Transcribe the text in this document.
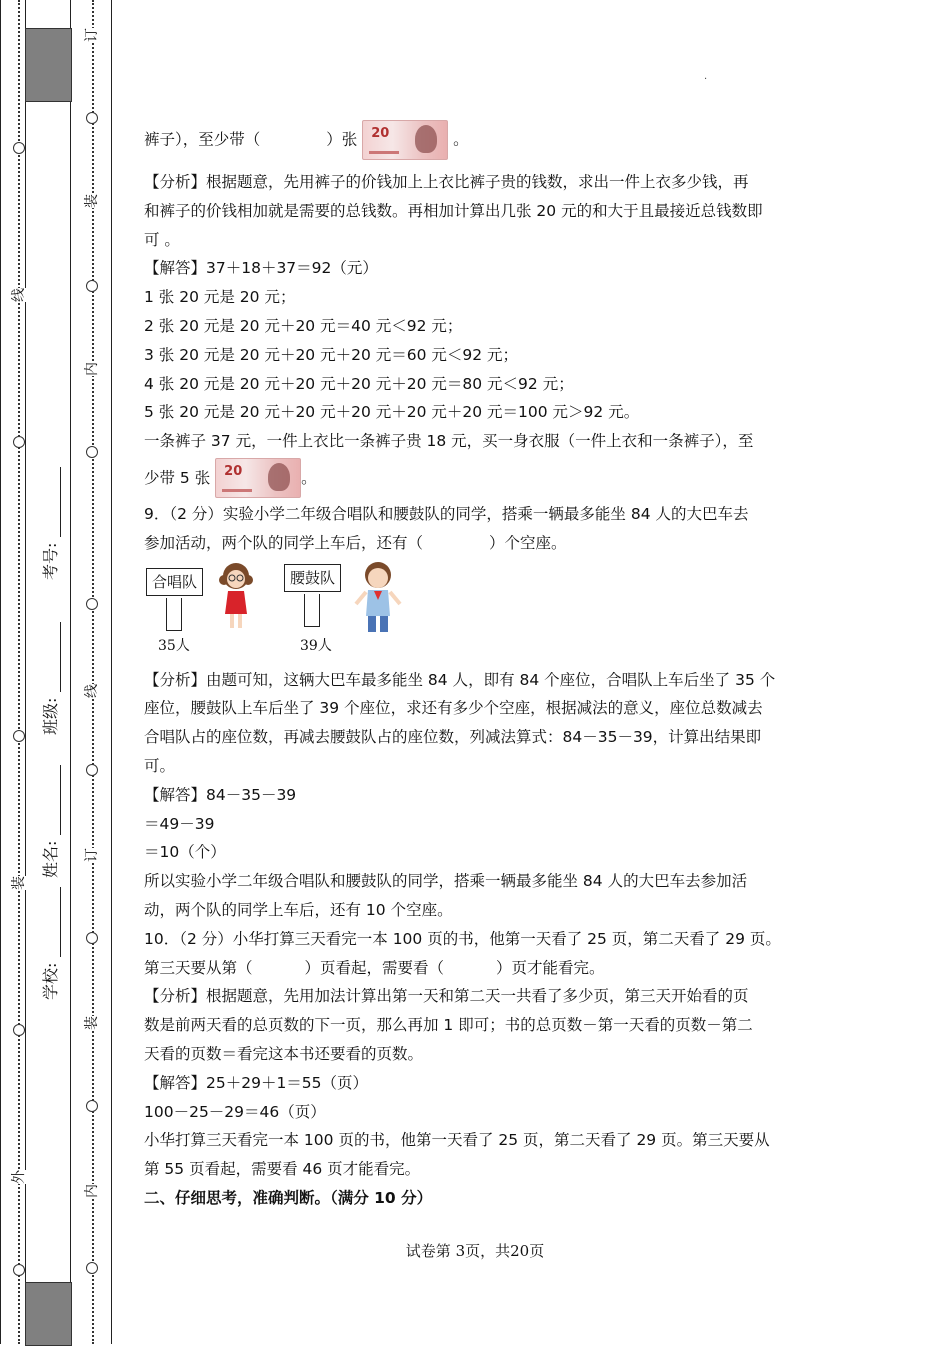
线
装
外
订
装
内
线
订
装
内
考号:
班级:
姓名:
学校:
·

裤子），至少带（	）张 20	。

【分析】根据题意，先用裤子的价钱加上上衣比裤子贵的钱数，求出一件上衣多少钱，再

和裤子的价钱相加就是需要的总钱数。再相加计算出几张 20 元的和大于且最接近总钱数即

可 。

【解答】37＋18＋37＝92（元）

1 张 20 元是 20 元；

2 张 20 元是 20 元＋20 元＝40 元＜92 元；

3 张 20 元是 20 元＋20 元＋20 元＝60 元＜92 元；

4 张 20 元是 20 元＋20 元＋20 元＋20 元＝80 元＜92 元；

5 张 20 元是 20 元＋20 元＋20 元＋20 元＋20 元＝100 元＞92 元。

一条裤子 37 元，一件上衣比一条裤子贵 18 元，买一身衣服（一件上衣和一条裤子），至

少带 5 张 20	。

9．（2 分）实验小学二年级合唱队和腰鼓队的同学，搭乘一辆最多能坐 84 人的大巴车去

参加活动，两个队的同学上车后，还有（	）个空座。

合唱队
35人
腰鼓队
39人

【分析】由题可知，这辆大巴车最多能坐 84 人，即有 84 个座位，合唱队上车后坐了 35 个

座位，腰鼓队上车后坐了 39 个座位，求还有多少个空座，根据减法的意义，座位总数减去

合唱队占的座位数，再减去腰鼓队占的座位数，列减法算式：84－35－39，计算出结果即

可。

【解答】84－35－39

＝49－39

＝10（个）

所以实验小学二年级合唱队和腰鼓队的同学，搭乘一辆最多能坐 84 人的大巴车去参加活

动，两个队的同学上车后，还有 10 个空座。

10．（2 分）小华打算三天看完一本 100 页的书，他第一天看了 25 页，第二天看了 29 页。

第三天要从第（	）页看起，需要看（	）页才能看完。

【分析】根据题意，先用加法计算出第一天和第二天一共看了多少页，第三天开始看的页

数是前两天看的总页数的下一页，那么再加 1 即可；书的总页数－第一天看的页数－第二

天看的页数＝看完这本书还要看的页数。

【解答】25＋29＋1＝55（页）

100－25－29＝46（页）

小华打算三天看完一本 100 页的书，他第一天看了 25 页，第二天看了 29 页。第三天要从

第 55 页看起，需要看 46 页才能看完。

二、仔细思考，准确判断。（满分 10 分）

试卷第 3页，共20页
